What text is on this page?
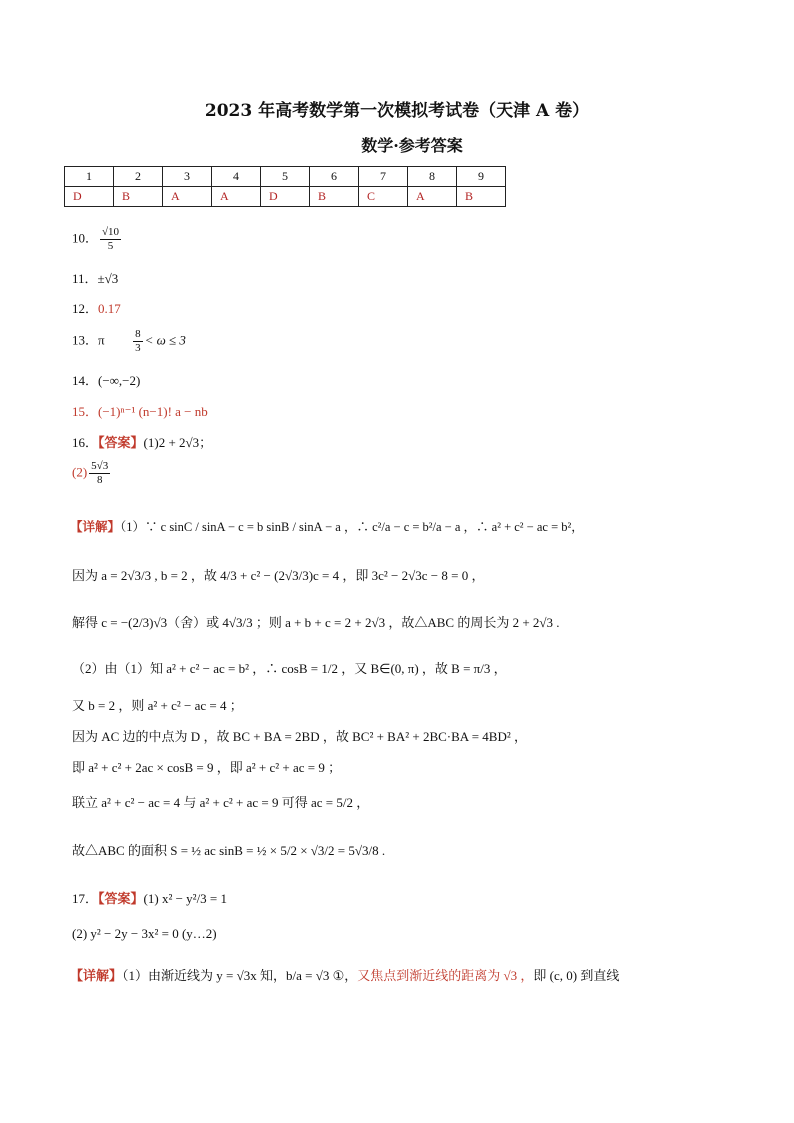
2023 年高考数学第一次模拟考试卷（天津 A 卷）
数学·参考答案
1	2	3	4	5	6	7	8	9
D	B	A	A	D	B	C	A	B
10． $\frac{√10}{5}$
11．±√3
12．0.17
13．π	$\frac{8}{3} < \omega \le 3$
14．(−∞,−2)
15．(−1)ⁿ⁻¹ (n−1)! a − nb
16．【答案】(1)2 + 2√3；
$(2) \frac{5√3}{8}$
【详解】（1）∵ c sinC / sinA − c = b sinB / sinA − a ，∴ c²/a − c = b²/a − a ，∴ a² + c² − ac = b²，
因为 a = 2√3/3 , b = 2 ，故 4/3 + c² − (2√3/3)c = 4 ，即 3c² − 2√3c − 8 = 0 ，
解得 c = −(2/3)√3（舍）或 4√3/3 ；则 a + b + c = 2 + 2√3 ，故△ABC 的周长为 2 + 2√3 .
（2）由（1）知 a² + c² − ac = b² ，∴ cosB = 1/2 ，又 B∈(0, π) ，故 B = π/3 ，
又 b = 2 ，则 a² + c² − ac = 4 ；
因为 AC 边的中点为 D ，故 BC + BA = 2BD ，故 BC² + BA² + 2BC·BA = 4BD² ，
即 a² + c² + 2ac × cosB = 9 ，即 a² + c² + ac = 9 ；
联立 a² + c² − ac = 4 与 a² + c² + ac = 9 可得 ac = 5/2 ，
故△ABC 的面积 S = ½ ac sinB = ½ × 5/2 × √3/2 = 5√3/8 .
17．【答案】(1) x² − y²/3 = 1
(2) y² − 2y − 3x² = 0 (y…2)
【详解】（1）由渐近线为 y = √3x 知，b/a = √3 ①，又焦点到渐近线的距离为 √3 ，即 (c, 0) 到直线
